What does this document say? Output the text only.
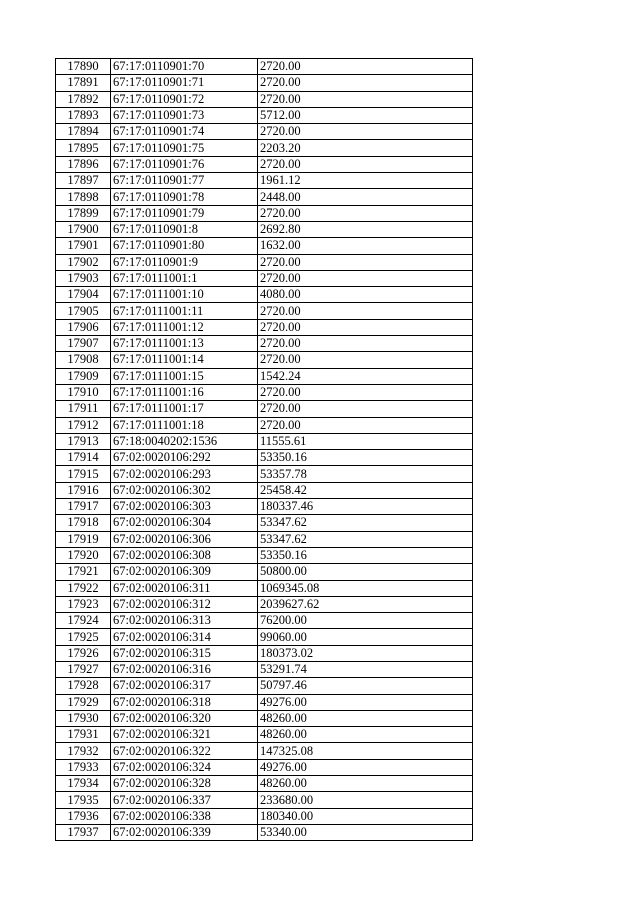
17890	67:17:0110901:70	2720.00
17891	67:17:0110901:71	2720.00
17892	67:17:0110901:72	2720.00
17893	67:17:0110901:73	5712.00
17894	67:17:0110901:74	2720.00
17895	67:17:0110901:75	2203.20
17896	67:17:0110901:76	2720.00
17897	67:17:0110901:77	1961.12
17898	67:17:0110901:78	2448.00
17899	67:17:0110901:79	2720.00
17900	67:17:0110901:8	2692.80
17901	67:17:0110901:80	1632.00
17902	67:17:0110901:9	2720.00
17903	67:17:0111001:1	2720.00
17904	67:17:0111001:10	4080.00
17905	67:17:0111001:11	2720.00
17906	67:17:0111001:12	2720.00
17907	67:17:0111001:13	2720.00
17908	67:17:0111001:14	2720.00
17909	67:17:0111001:15	1542.24
17910	67:17:0111001:16	2720.00
17911	67:17:0111001:17	2720.00
17912	67:17:0111001:18	2720.00
17913	67:18:0040202:1536	11555.61
17914	67:02:0020106:292	53350.16
17915	67:02:0020106:293	53357.78
17916	67:02:0020106:302	25458.42
17917	67:02:0020106:303	180337.46
17918	67:02:0020106:304	53347.62
17919	67:02:0020106:306	53347.62
17920	67:02:0020106:308	53350.16
17921	67:02:0020106:309	50800.00
17922	67:02:0020106:311	1069345.08
17923	67:02:0020106:312	2039627.62
17924	67:02:0020106:313	76200.00
17925	67:02:0020106:314	99060.00
17926	67:02:0020106:315	180373.02
17927	67:02:0020106:316	53291.74
17928	67:02:0020106:317	50797.46
17929	67:02:0020106:318	49276.00
17930	67:02:0020106:320	48260.00
17931	67:02:0020106:321	48260.00
17932	67:02:0020106:322	147325.08
17933	67:02:0020106:324	49276.00
17934	67:02:0020106:328	48260.00
17935	67:02:0020106:337	233680.00
17936	67:02:0020106:338	180340.00
17937	67:02:0020106:339	53340.00
